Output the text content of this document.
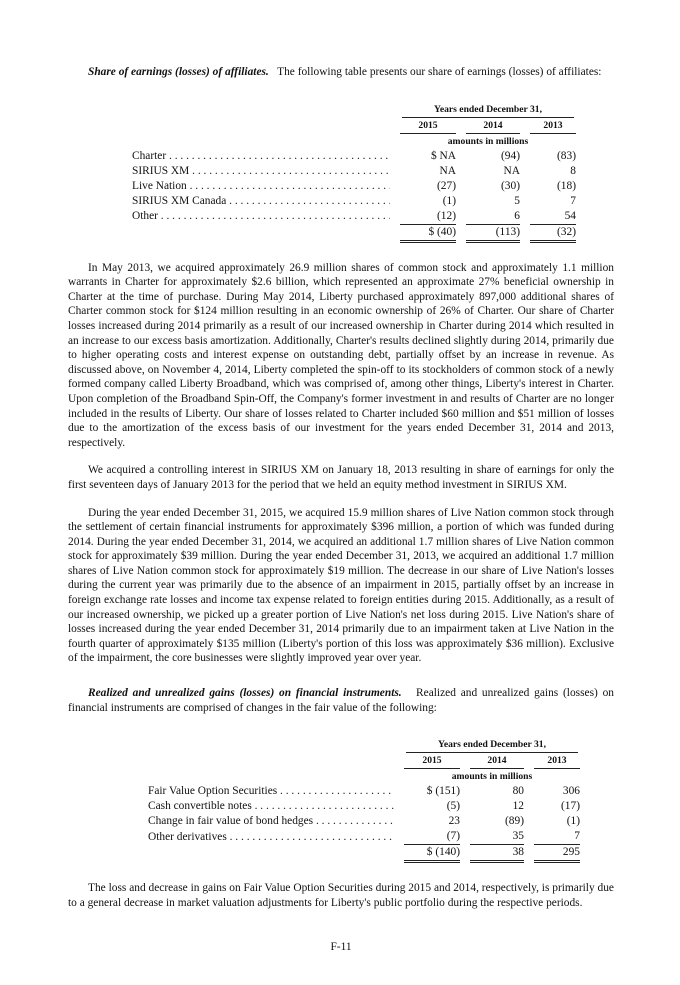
Share of earnings (losses) of affiliates. The following table presents our share of earnings (losses) of affiliates:

		Years ended December 31,				

		2015		2014		2013

		amounts in millions				

Charter . . .		$ NA		(94)		(83)

SIRIUS XM . . .		NA		NA		8

Live Nation . . .		(27)		(30)		(18)

SIRIUS XM Canada . . .		(1)		5		7

Other . . .		(12)		6		54
		$ (40)		(113)		(32)
In May 2013, we acquired approximately 26.9 million shares of common stock and approximately 1.1 million warrants in Charter for approximately $2.6 billion, which represented an approximate 27% beneficial ownership in Charter at the time of purchase. During May 2014, Liberty purchased approximately 897,000 additional shares of Charter common stock for $124 million resulting in an economic ownership of 26% of Charter. Our share of Charter losses increased during 2014 primarily as a result of our increased ownership in Charter during 2014 which resulted in an increase to our excess basis amortization. Additionally, Charter's results declined slightly during 2014, primarily due to higher operating costs and interest expense on outstanding debt, partially offset by an increase in revenue. As discussed above, on November 4, 2014, Liberty completed the spin-off to its stockholders of common stock of a newly formed company called Liberty Broadband, which was comprised of, among other things, Liberty's interest in Charter. Upon completion of the Broadband Spin-Off, the Company's former investment in and results of Charter are no longer included in the results of Liberty. Our share of losses related to Charter included $60 million and $51 million of losses due to the amortization of the excess basis of our investment for the years ended December 31, 2014 and 2013, respectively.
We acquired a controlling interest in SIRIUS XM on January 18, 2013 resulting in share of earnings for only the first seventeen days of January 2013 for the period that we held an equity method investment in SIRIUS XM.
During the year ended December 31, 2015, we acquired 15.9 million shares of Live Nation common stock through the settlement of certain financial instruments for approximately $396 million, a portion of which was funded during 2014. During the year ended December 31, 2014, we acquired an additional 1.7 million shares of Live Nation common stock for approximately $39 million. During the year ended December 31, 2013, we acquired an additional 1.7 million shares of Live Nation common stock for approximately $19 million. The decrease in our share of Live Nation's losses during the current year was primarily due to the absence of an impairment in 2015, partially offset by an increase in foreign exchange rate losses and income tax expense related to foreign entities during 2015. Additionally, as a result of our increased ownership, we picked up a greater portion of Live Nation's net loss during 2015. Live Nation's share of losses increased during the year ended December 31, 2014 primarily due to an impairment taken at Live Nation in the fourth quarter of approximately $135 million (Liberty's portion of this loss was approximately $36 million). Exclusive of the impairment, the core businesses were slightly improved year over year.
Realized and unrealized gains (losses) on financial instruments. Realized and unrealized gains (losses) on financial instruments are comprised of changes in the fair value of the following:

		Years ended December 31,				

		2015		2014		2013

		amounts in millions				

Fair Value Option Securities . . .		$ (151)		80		306

Cash convertible notes . . .		(5)		12		(17)

Change in fair value of bond hedges . . .		23		(89)		(1)

Other derivatives . . .		(7)		35		7
		$ (140)		38		295
The loss and decrease in gains on Fair Value Option Securities during 2015 and 2014, respectively, is primarily due to a general decrease in market valuation adjustments for Liberty's public portfolio during the respective periods.
F-11
